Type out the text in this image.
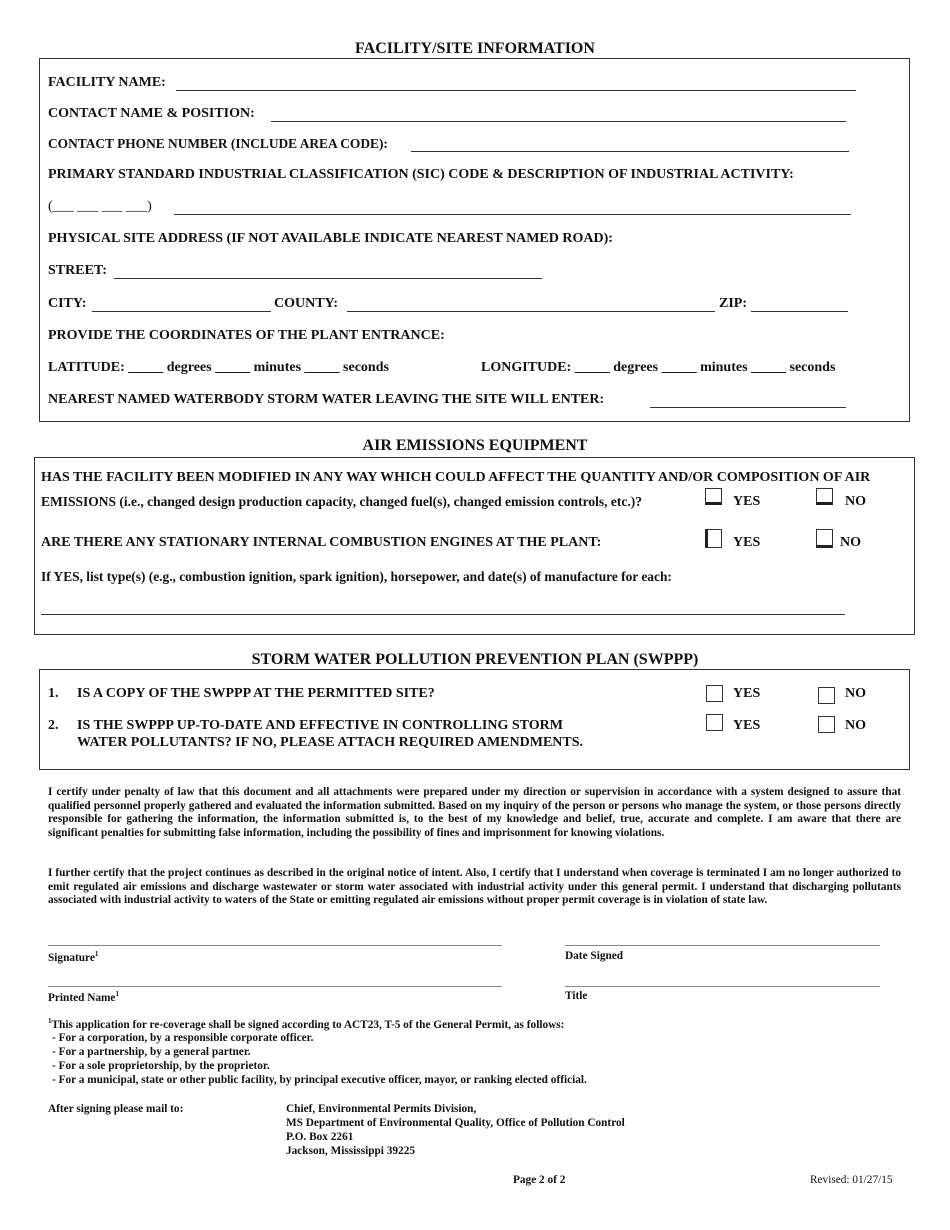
FACILITY/SITE INFORMATION
FACILITY NAME:
CONTACT NAME & POSITION:
CONTACT PHONE NUMBER (INCLUDE AREA CODE):
PRIMARY STANDARD INDUSTRIAL CLASSIFICATION (SIC) CODE & DESCRIPTION OF INDUSTRIAL ACTIVITY:
(___ ___ ___ ___)
PHYSICAL SITE ADDRESS (IF NOT AVAILABLE INDICATE NEAREST NAMED ROAD):
STREET:
CITY:	COUNTY:	ZIP:
PROVIDE THE COORDINATES OF THE PLANT ENTRANCE:
LATITUDE: _____ degrees _____ minutes _____ seconds	LONGITUDE: _____ degrees _____ minutes _____ seconds
NEAREST NAMED WATERBODY STORM WATER LEAVING THE SITE WILL ENTER:
AIR EMISSIONS EQUIPMENT
HAS THE FACILITY BEEN MODIFIED IN ANY WAY WHICH COULD AFFECT THE QUANTITY AND/OR COMPOSITION OF AIR
EMISSIONS (i.e., changed design production capacity, changed fuel(s), changed emission controls, etc.)?	YES	NO
ARE THERE ANY STATIONARY INTERNAL COMBUSTION ENGINES AT THE PLANT:	YES	NO
If YES, list type(s) (e.g., combustion ignition, spark ignition), horsepower, and date(s) of manufacture for each:
STORM WATER POLLUTION PREVENTION PLAN (SWPPP)
1. IS A COPY OF THE SWPPP AT THE PERMITTED SITE?	YES	NO
2. IS THE SWPPP UP-TO-DATE AND EFFECTIVE IN CONTROLLING STORM
WATER POLLUTANTS? IF NO, PLEASE ATTACH REQUIRED AMENDMENTS.
YES	NO
I certify under penalty of law that this document and all attachments were prepared under my direction or supervision in accordance with a system designed to assure that qualified personnel properly gathered and evaluated the information submitted. Based on my inquiry of the person or persons who manage the system, or those persons directly responsible for gathering the information, the information submitted is, to the best of my knowledge and belief, true, accurate and complete. I am aware that there are significant penalties for submitting false information, including the possibility of fines and imprisonment for knowing violations.
I further certify that the project continues as described in the original notice of intent. Also, I certify that I understand when coverage is terminated I am no longer authorized to emit regulated air emissions and discharge wastewater or storm water associated with industrial activity under this general permit. I understand that discharging pollutants associated with industrial activity to waters of the State or emitting regulated air emissions without proper permit coverage is in violation of state law.
Signature$^1$	Date Signed
Printed Name$^1$	Title
$^1$This application for re-coverage shall be signed according to ACT23, T-5 of the General Permit, as follows:
- For a corporation, by a responsible corporate officer.
- For a partnership, by a general partner.
- For a sole proprietorship, by the proprietor.
- For a municipal, state or other public facility, by principal executive officer, mayor, or ranking elected official.
After signing please mail to:	Chief, Environmental Permits Division,
MS Department of Environmental Quality, Office of Pollution Control
P.O. Box 2261
Jackson, Mississippi 39225
Page 2 of 2	Revised: 01/27/15
